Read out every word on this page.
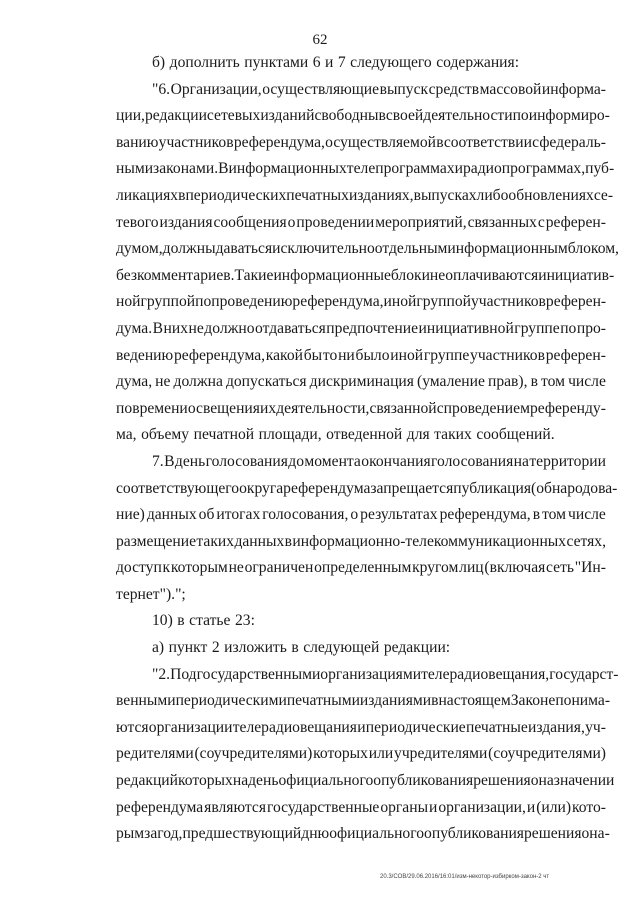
62
б) дополнить пунктами 6 и 7 следующего содержания:
"6. Организации, осуществляющие выпуск средств массовой информа-
ции, редакции сетевых изданий свободны в своей деятельности по информиро-
ванию участников референдума, осуществляемой в соответствии с федераль-
ными законами. В информационных телепрограммах и радиопрограммах, пуб-
ликациях в периодических печатных изданиях, выпусках либо обновлениях се-
тевого издания сообщения о проведении мероприятий, связанных с референ-
думом, должны даваться исключительно отдельным информационным блоком,
без комментариев. Такие информационные блоки не оплачиваются инициатив-
ной группой по проведению референдума, иной группой участников референ-
дума. В них не должно отдаваться предпочтение инициативной группе по про-
ведению референдума, какой бы то ни было иной группе участников референ-
дума, не должна допускаться дискриминация (умаление прав), в том числе
по времени освещения их деятельности, связанной с проведением референду-
ма, объему печатной площади, отведенной для таких сообщений.
7. В день голосования до момента окончания голосования на территории
соответствующего округа референдума запрещается публикация (обнародова-
ние) данных об итогах голосования, о результатах референдума, в том числе
размещение таких данных в информационно-телекоммуникационных сетях,
доступ к которым не ограничен определенным кругом лиц (включая сеть "Ин-
тернет").";
10) в статье 23:
а) пункт 2 изложить в следующей редакции:
"2. Под государственными организациями телерадиовещания, государст-
венными периодическими печатными изданиями в настоящем Законе понима-
ются организации телерадиовещания и периодические печатные издания, уч-
редителями (соучредителями) которых или учредителями (соучредителями)
редакций которых на день официального опубликования решения о назначении
референдума являются государственные органы и организации, и (или) кото-
рым за год, предшествующий дню официального опубликования решения о на-
20.3/COB/29.06.2016/16:01/изм-некотор-избирком-закон-2 чт
